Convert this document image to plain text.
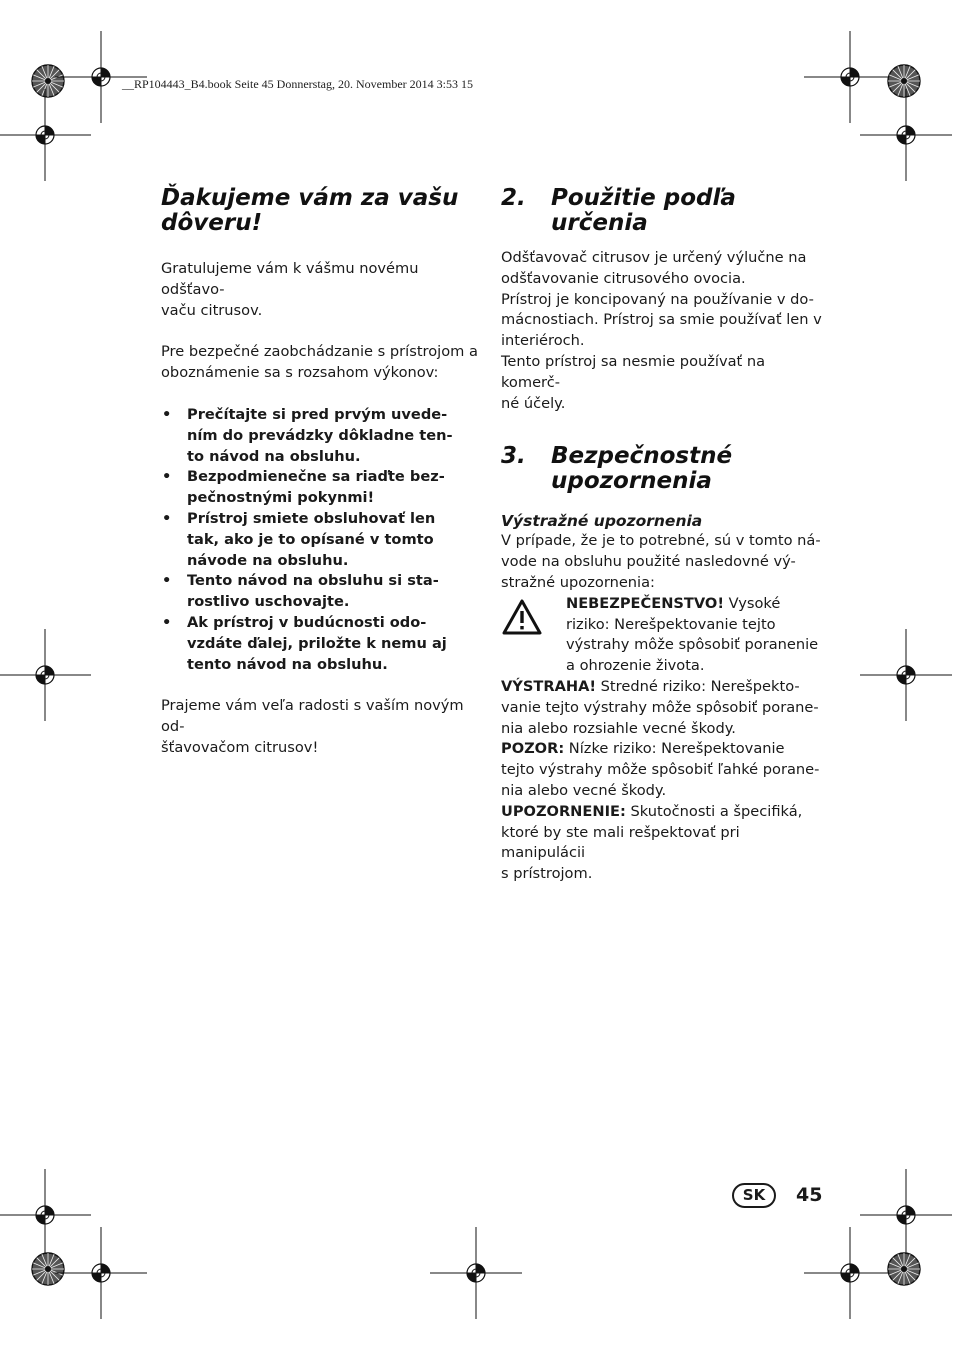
__RP104443_B4.book Seite 45 Donnerstag, 20. November 2014 3:53 15
Ďakujeme vám za vašu
dôveru!

Gratulujeme vám k vášmu novému odšťavo-
vaču citrusov.

Pre bezpečné zaobchádzanie s prístrojom a
oboznámenie sa s rozsahom výkonov:

• Prečítajte si pred prvým uvede-
ním do prevádzky dôkladne ten-
to návod na obsluhu.
• Bezpodmienečne sa riaďte bez-
pečnostnými pokynmi!
• Prístroj smiete obsluhovať len
tak, ako je to opísané v tomto
návode na obsluhu.
• Tento návod na obsluhu si sta-
rostlivo uschovajte.
• Ak prístroj v budúcnosti odo-
vzdáte ďalej, priložte k nemu aj
tento návod na obsluhu.

Prajeme vám veľa radosti s vaším novým od-
šťavovačom citrusov!

2.	Použitie podľa
určenia

Odšťavovač citrusov je určený výlučne na
odšťavovanie citrusového ovocia.
Prístroj je koncipovaný na používanie v do-
mácnostiach. Prístroj sa smie používať len v
interiéroch.
Tento prístroj sa nesmie používať na komerč-
né účely.

3.	Bezpečnostné
upozornenia
Výstražné upozornenia

V prípade, že je to potrebné, sú v tomto ná-
vode na obsluhu použité nasledovné vý-
stražné upozornenia:

NEBEZPEČENSTVO! Vysoké
riziko: Nerešpektovanie tejto
výstrahy môže spôsobiť poranenie
a ohrozenie života.

VÝSTRAHA! Stredné riziko: Nerešpekto-
vanie tejto výstrahy môže spôsobiť porane-
nia alebo rozsiahle vecné škody.

POZOR: Nízke riziko: Nerešpektovanie
tejto výstrahy môže spôsobiť ľahké porane-
nia alebo vecné škody.

UPOZORNENIE: Skutočnosti a špecifiká,
ktoré by ste mali rešpektovať pri manipulácii
s prístrojom.

SK	45
